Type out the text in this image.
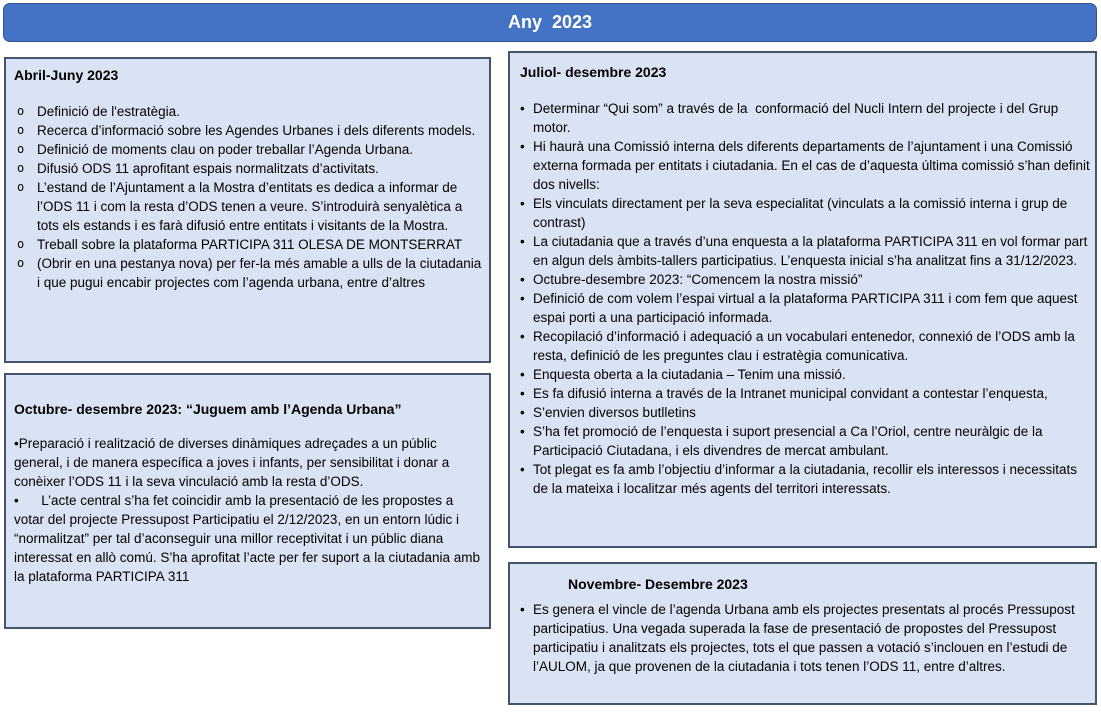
Any  2023
Abril-Juny 2023
o Definició de l'estratègia.
o Recerca d’informació sobre les Agendes Urbanes i dels diferents models.
o Definició de moments clau on poder treballar l’Agenda Urbana.
o Difusió ODS 11 aprofitant espais normalitzats d’activitats.
o L’estand de l’Ajuntament a la Mostra d’entitats es dedica a informar de l’ODS 11 i com la resta d’ODS tenen a veure. S’introduirà senyalètica a tots els estands i es farà difusió entre entitats i visitants de la Mostra.
o Treball sobre la plataforma PARTICIPA 311 OLESA DE MONTSERRAT
o (Obrir en una pestanya nova) per fer-la més amable a ulls de la ciutadania i que pugui encabir projectes com l’agenda urbana, entre d’altres
Octubre- desembre 2023: “Juguem amb l’Agenda Urbana”
•Preparació i realització de diverses dinàmiques adreçades a un públic general, i de manera específica a joves i infants, per sensibilitat i donar a conèixer l’ODS 11 i la seva vinculació amb la resta d’ODS.
•      L’acte central s’ha fet coincidir amb la presentació de les propostes a votar del projecte Pressupost Participatiu el 2/12/2023, en un entorn lúdic i “normalitzat” per tal d’aconseguir una millor receptivitat i un públic diana interessat en allò comú. S’ha aprofitat l’acte per fer suport a la ciutadania amb la plataforma PARTICIPA 311
Juliol- desembre 2023
• Determinar “Qui som” a través de la  conformació del Nucli Intern del projecte i del Grup motor.
• Hi haurà una Comissió interna dels diferents departaments de l’ajuntament i una Comissió externa formada per entitats i ciutadania. En el cas de d’aquesta última comissió s’han definit dos nivells:
• Els vinculats directament per la seva especialitat (vinculats a la comissió interna i grup de contrast)
• La ciutadania que a través d’una enquesta a la plataforma PARTICIPA 311 en vol formar part en algun dels àmbits-tallers participatius. L’enquesta inicial s’ha analitzat fins a 31/12/2023.
• Octubre-desembre 2023: “Comencem la nostra missió”
• Definició de com volem l’espai virtual a la plataforma PARTICIPA 311 i com fem que aquest espai porti a una participació informada.
• Recopilació d’informació i adequació a un vocabulari entenedor, connexió de l’ODS amb la resta, definició de les preguntes clau i estratègia comunicativa.
• Enquesta oberta a la ciutadania – Tenim una missió.
• Es fa difusió interna a través de la Intranet municipal convidant a contestar l’enquesta,
• S’envien diversos butlletins
• S’ha fet promoció de l’enquesta i suport presencial a Ca l’Oriol, centre neuràlgic de la Participació Ciutadana, i els divendres de mercat ambulant.
• Tot plegat es fa amb l’objectiu d’informar a la ciutadania, recollir els interessos i necessitats de la mateixa i localitzar més agents del territori interessats.
Novembre- Desembre 2023
• Es genera el vincle de l’agenda Urbana amb els projectes presentats al procés Pressupost participatius. Una vegada superada la fase de presentació de propostes del Pressupost participatiu i analitzats els projectes, tots el que passen a votació s’inclouen en l’estudi de l’AULOM, ja que provenen de la ciutadania i tots tenen l’ODS 11, entre d’altres.
